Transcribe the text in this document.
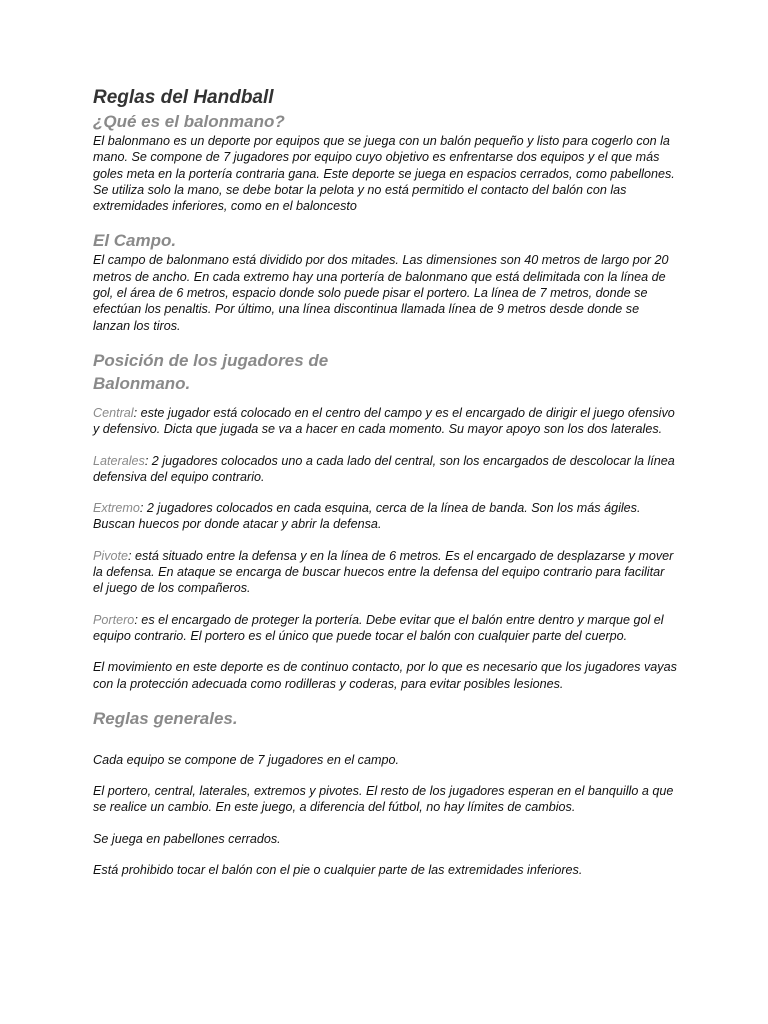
Reglas del Handball
¿Qué es el balonmano?

El balonmano es un deporte por equipos que se juega con un balón pequeño y listo para cogerlo con la mano. Se compone de 7 jugadores por equipo cuyo objetivo es enfrentarse dos equipos y el que más goles meta en la portería contraria gana. Este deporte se juega en espacios cerrados, como pabellones. Se utiliza solo la mano, se debe botar la pelota y no está permitido el contacto del balón con las extremidades inferiores, como en el baloncesto

El Campo.

El campo de balonmano está dividido por dos mitades. Las dimensiones son 40 metros de largo por 20 metros de ancho. En cada extremo hay una portería de balonmano que está delimitada con la línea de gol, el área de 6 metros, espacio donde solo puede pisar el portero. La línea de 7 metros, donde se efectúan los penaltis. Por último, una línea discontinua llamada línea de 9 metros desde donde se lanzan los tiros.

Posición de los jugadores de
Balonmano.

Central: este jugador está colocado en el centro del campo y es el encargado de dirigir el juego ofensivo y defensivo. Dicta que jugada se va a hacer en cada momento. Su mayor apoyo son los dos laterales.

Laterales: 2 jugadores colocados uno a cada lado del central, son los encargados de descolocar la línea defensiva del equipo contrario.

Extremo: 2 jugadores colocados en cada esquina, cerca de la línea de banda. Son los más ágiles. Buscan huecos por donde atacar y abrir la defensa.

Pivote: está situado entre la defensa y en la línea de 6 metros. Es el encargado de desplazarse y mover la defensa. En ataque se encarga de buscar huecos entre la defensa del equipo contrario para facilitar el juego de los compañeros.

Portero: es el encargado de proteger la portería. Debe evitar que el balón entre dentro y marque gol el equipo contrario. El portero es el único que puede tocar el balón con cualquier parte del cuerpo.

El movimiento en este deporte es de continuo contacto, por lo que es necesario que los jugadores vayas con la protección adecuada como rodilleras y coderas, para evitar posibles lesiones.

Reglas generales.

Cada equipo se compone de 7 jugadores en el campo.

El portero, central, laterales, extremos y pivotes. El resto de los jugadores esperan en el banquillo a que se realice un cambio. En este juego, a diferencia del fútbol, no hay límites de cambios.

Se juega en pabellones cerrados.

Está prohibido tocar el balón con el pie o cualquier parte de las extremidades inferiores.
